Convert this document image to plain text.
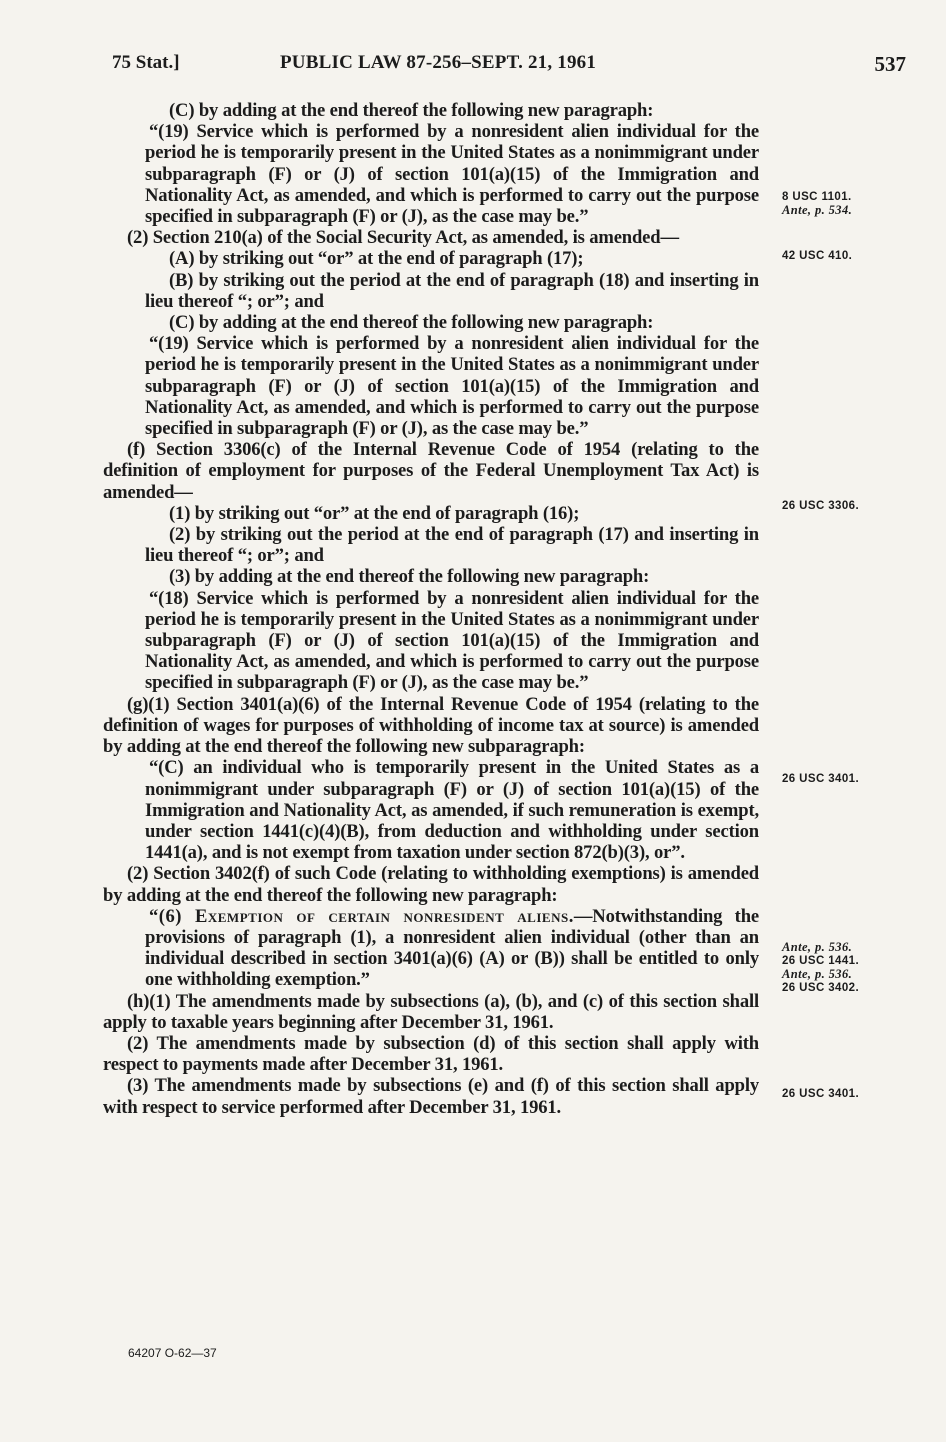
75 Stat.]	PUBLIC LAW 87-256–SEPT. 21, 1961	537

(C) by adding at the end thereof the following new paragraph:

“(19) Service which is performed by a nonresident alien individual for the period he is temporarily present in the United States as a nonimmigrant under subparagraph (F) or (J) of section 101(a)(15) of the Immigration and Nationality Act, as amended, and which is performed to carry out the purpose specified in subparagraph (F) or (J), as the case may be.”

(2) Section 210(a) of the Social Security Act, as amended, is amended—

(A) by striking out “or” at the end of paragraph (17);

(B) by striking out the period at the end of paragraph (18) and inserting in lieu thereof “; or”; and

(C) by adding at the end thereof the following new paragraph:

“(19) Service which is performed by a nonresident alien individual for the period he is temporarily present in the United States as a nonimmigrant under subparagraph (F) or (J) of section 101(a)(15) of the Immigration and Nationality Act, as amended, and which is performed to carry out the purpose specified in subparagraph (F) or (J), as the case may be.”

(f) Section 3306(c) of the Internal Revenue Code of 1954 (relating to the definition of employment for purposes of the Federal Unemployment Tax Act) is amended—

(1) by striking out “or” at the end of paragraph (16);

(2) by striking out the period at the end of paragraph (17) and inserting in lieu thereof “; or”; and

(3) by adding at the end thereof the following new paragraph:

“(18) Service which is performed by a nonresident alien individual for the period he is temporarily present in the United States as a nonimmigrant under subparagraph (F) or (J) of section 101(a)(15) of the Immigration and Nationality Act, as amended, and which is performed to carry out the purpose specified in subparagraph (F) or (J), as the case may be.”

(g)(1) Section 3401(a)(6) of the Internal Revenue Code of 1954 (relating to the definition of wages for purposes of withholding of income tax at source) is amended by adding at the end thereof the following new subparagraph:

“(C) an individual who is temporarily present in the United States as a nonimmigrant under subparagraph (F) or (J) of section 101(a)(15) of the Immigration and Nationality Act, as amended, if such remuneration is exempt, under section 1441(c)(4)(B), from deduction and withholding under section 1441(a), and is not exempt from taxation under section 872(b)(3), or”.

(2) Section 3402(f) of such Code (relating to withholding exemptions) is amended by adding at the end thereof the following new paragraph:

“(6) Exemption of certain nonresident aliens.—Notwithstanding the provisions of paragraph (1), a nonresident alien individual (other than an individual described in section 3401(a)(6) (A) or (B)) shall be entitled to only one withholding exemption.”

(h)(1) The amendments made by subsections (a), (b), and (c) of this section shall apply to taxable years beginning after December 31, 1961.

(2) The amendments made by subsection (d) of this section shall apply with respect to payments made after December 31, 1961.

(3) The amendments made by subsections (e) and (f) of this section shall apply with respect to service performed after December 31, 1961.

8 USC 1101.
Ante, p. 534.
42 USC 410.
26 USC 3306.
26 USC 3401.
Ante, p. 536.
26 USC 1441.
Ante, p. 536.
26 USC 3402.
26 USC 3401.
64207 O-62—37
